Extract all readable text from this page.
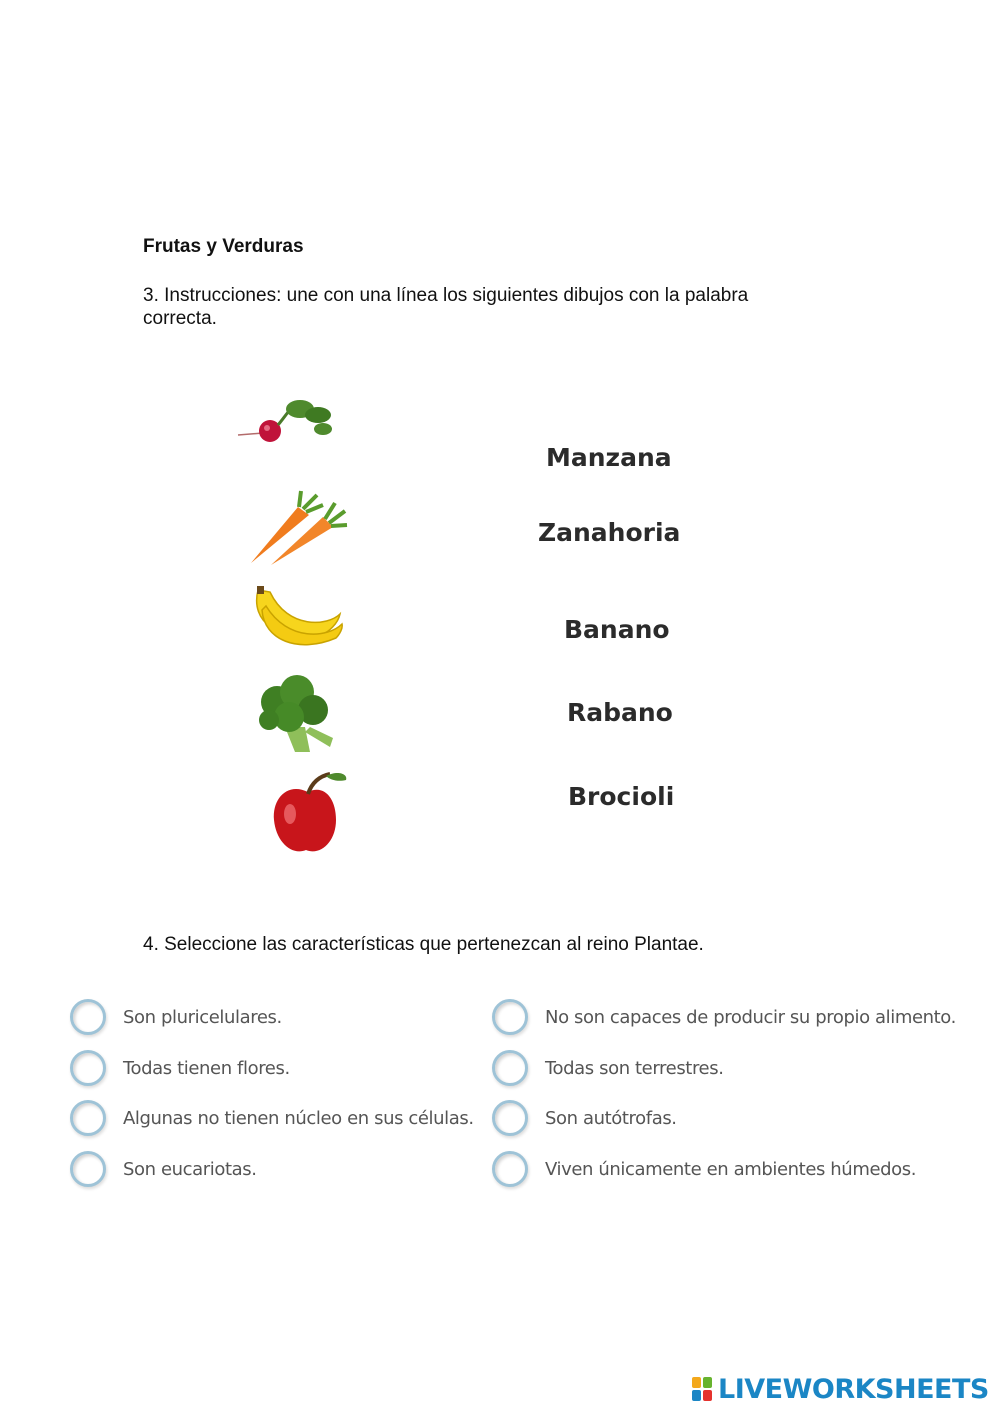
Frutas y Verduras
3. Instrucciones: une con una línea los siguientes dibujos con la palabra correcta.
Manzana
Zanahoria
Banano
Rabano
Brocioli
4. Seleccione las características que pertenezcan al reino Plantae.
Son pluricelulares.
Todas tienen flores.
Algunas no tienen núcleo en sus células.
Son eucariotas.
No son capaces de producir su propio alimento.
Todas son terrestres.
Son autótrofas.
Viven únicamente en ambientes húmedos.
LIVEWORKSHEETS
